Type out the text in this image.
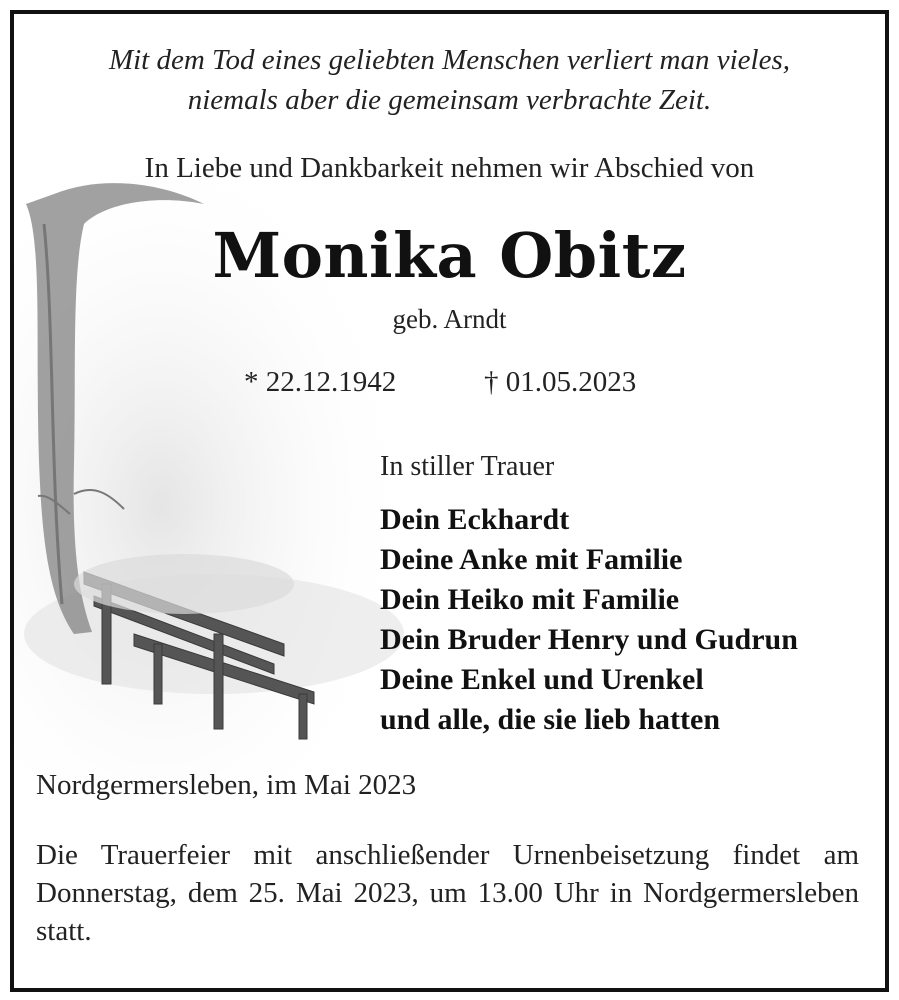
Mit dem Tod eines geliebten Menschen verliert man vieles,
niemals aber die gemeinsam verbrachte Zeit.
In Liebe und Dankbarkeit nehmen wir Abschied von
Monika Obitz
geb. Arndt
* 22.12.1942	† 01.05.2023
In stiller Trauer
Dein Eckhardt
Deine Anke mit Familie
Dein Heiko mit Familie
Dein Bruder Henry und Gudrun
Deine Enkel und Urenkel
und alle, die sie lieb hatten
Nordgermersleben, im Mai 2023
Die Trauerfeier mit anschließender Urnenbeisetzung findet am Donnerstag, dem 25. Mai 2023, um 13.00 Uhr in Nordgermersleben statt.
